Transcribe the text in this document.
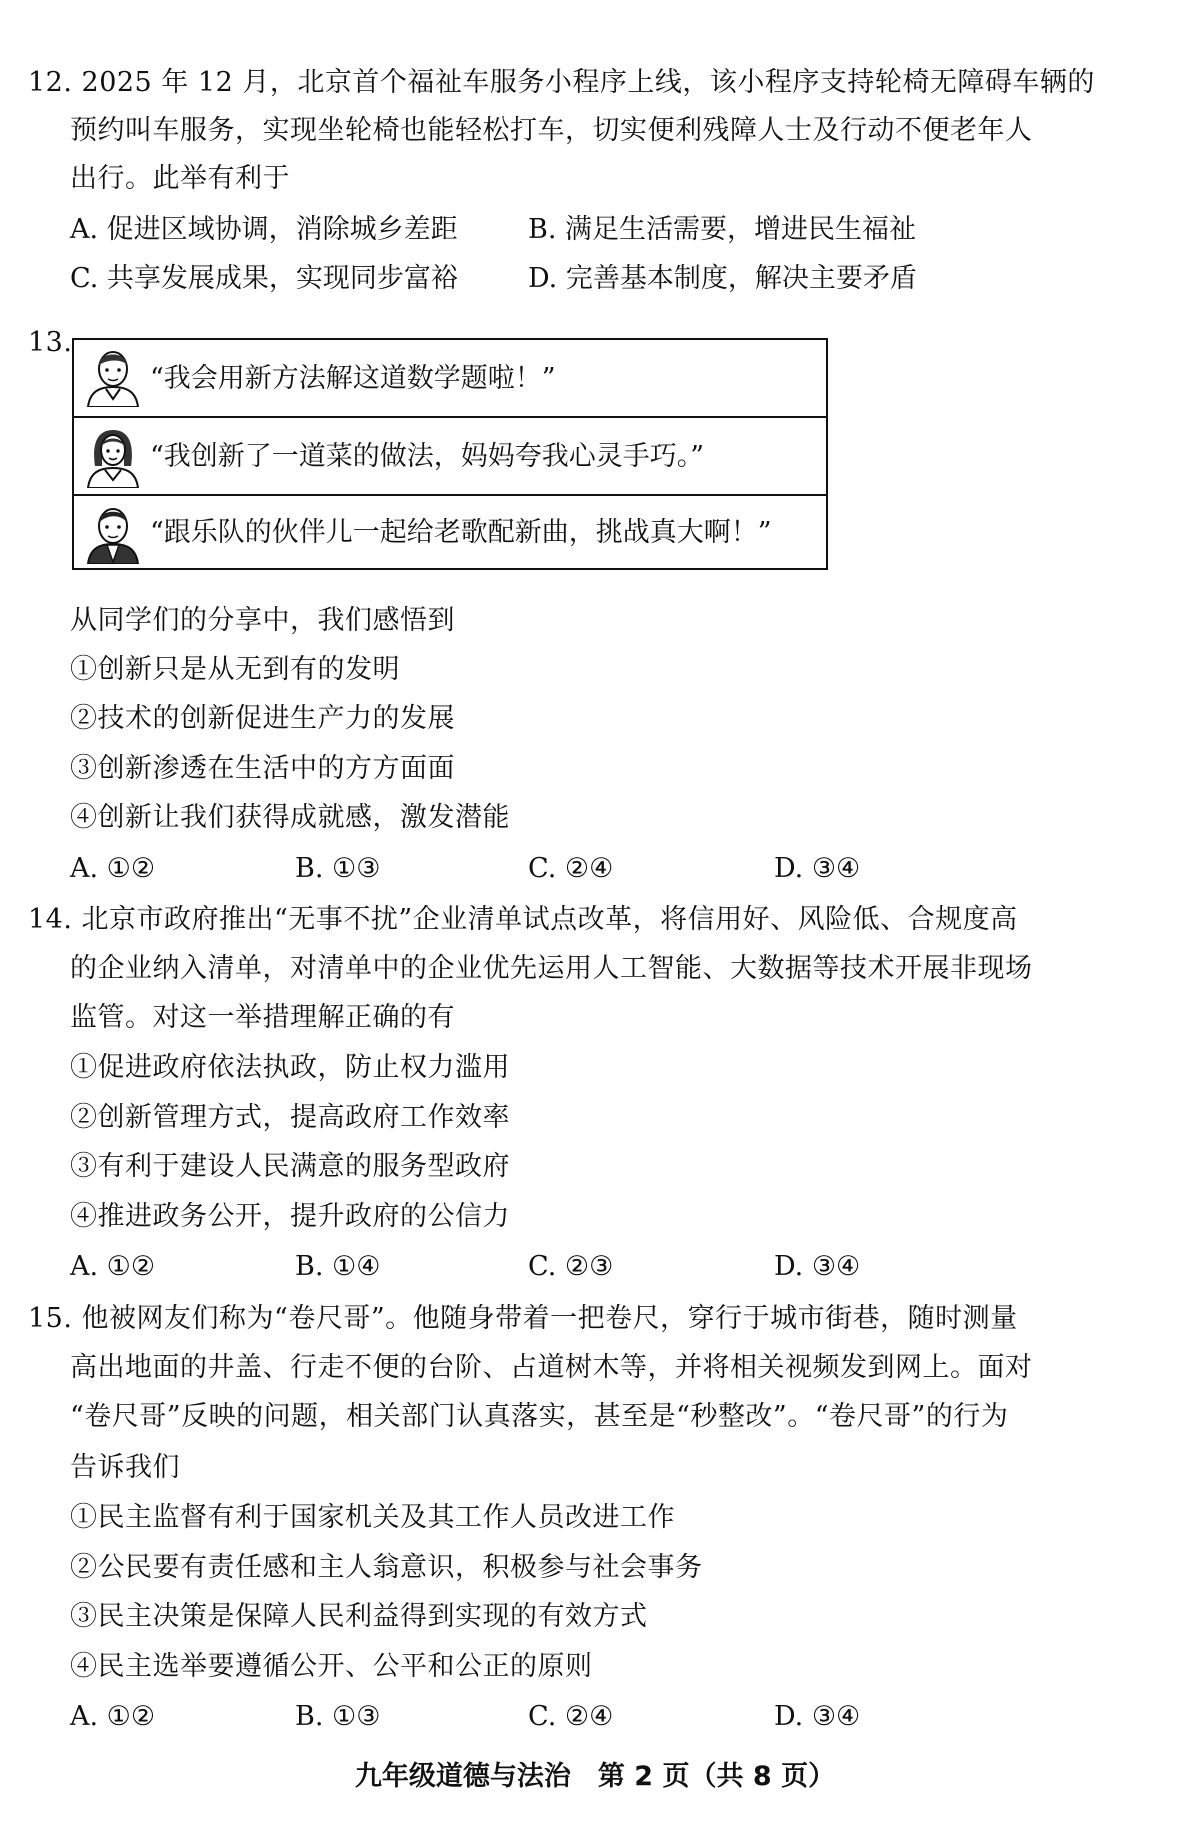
12. 2025 年 12 月，北京首个福祉车服务小程序上线，该小程序支持轮椅无障碍车辆的
预约叫车服务，实现坐轮椅也能轻松打车，切实便利残障人士及行动不便老年人
出行。此举有利于
A. 促进区域协调，消除城乡差距	B. 满足生活需要，增进民生福祉
C. 共享发展成果，实现同步富裕	D. 完善基本制度，解决主要矛盾
13.
“我会用新方法解这道数学题啦！”
“我创新了一道菜的做法，妈妈夸我心灵手巧。”
“跟乐队的伙伴儿一起给老歌配新曲，挑战真大啊！”
从同学们的分享中，我们感悟到
①创新只是从无到有的发明
②技术的创新促进生产力的发展
③创新渗透在生活中的方方面面
④创新让我们获得成就感，激发潜能
A. ①②	B. ①③	C. ②④	D. ③④
14. 北京市政府推出“无事不扰”企业清单试点改革，将信用好、风险低、合规度高
的企业纳入清单，对清单中的企业优先运用人工智能、大数据等技术开展非现场
监管。对这一举措理解正确的有
①促进政府依法执政，防止权力滥用
②创新管理方式，提高政府工作效率
③有利于建设人民满意的服务型政府
④推进政务公开，提升政府的公信力
A. ①②	B. ①④	C. ②③	D. ③④
15. 他被网友们称为“卷尺哥”。他随身带着一把卷尺，穿行于城市街巷，随时测量
高出地面的井盖、行走不便的台阶、占道树木等，并将相关视频发到网上。面对
“卷尺哥”反映的问题，相关部门认真落实，甚至是“秒整改”。“卷尺哥”的行为
告诉我们
①民主监督有利于国家机关及其工作人员改进工作
②公民要有责任感和主人翁意识，积极参与社会事务
③民主决策是保障人民利益得到实现的有效方式
④民主选举要遵循公开、公平和公正的原则
A. ①②	B. ①③	C. ②④	D. ③④
九年级道德与法治　第 2 页（共 8 页）
